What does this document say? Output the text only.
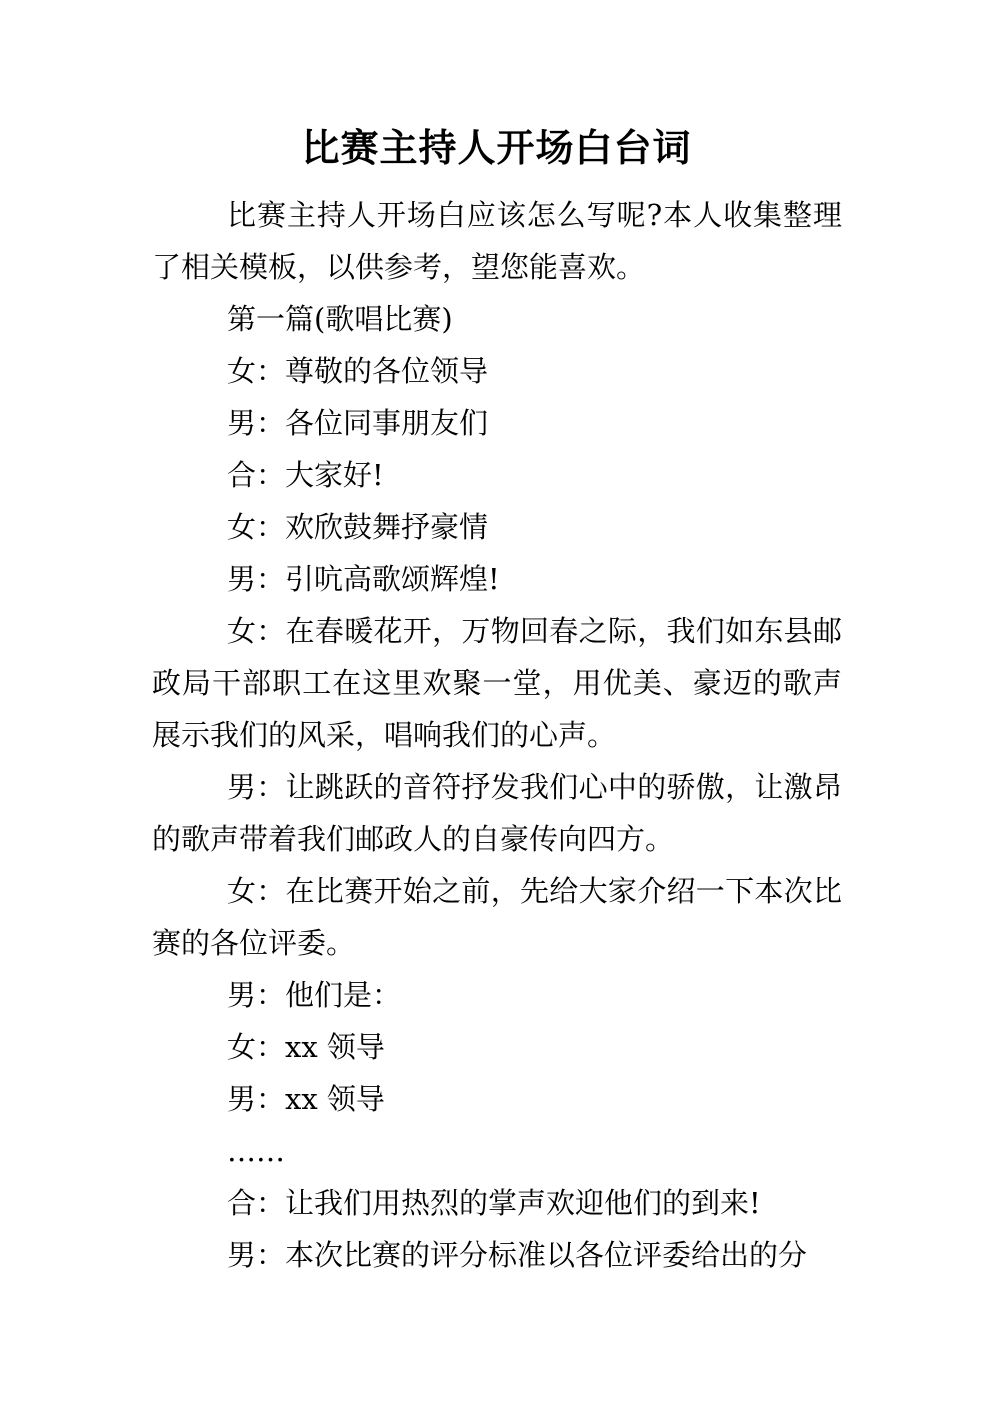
比赛主持人开场白台词

比赛主持人开场白应该怎么写呢?本人收集整理了相关模板，以供参考，望您能喜欢。

第一篇(歌唱比赛)

女：尊敬的各位领导

男：各位同事朋友们

合：大家好!

女：欢欣鼓舞抒豪情

男：引吭高歌颂辉煌!

女：在春暖花开，万物回春之际，我们如东县邮政局干部职工在这里欢聚一堂，用优美、豪迈的歌声展示我们的风采，唱响我们的心声。

男：让跳跃的音符抒发我们心中的骄傲，让激昂的歌声带着我们邮政人的自豪传向四方。

女：在比赛开始之前，先给大家介绍一下本次比赛的各位评委。

男：他们是：

女：xx 领导

男：xx 领导

……

合：让我们用热烈的掌声欢迎他们的到来!

男：本次比赛的评分标准以各位评委给出的分
